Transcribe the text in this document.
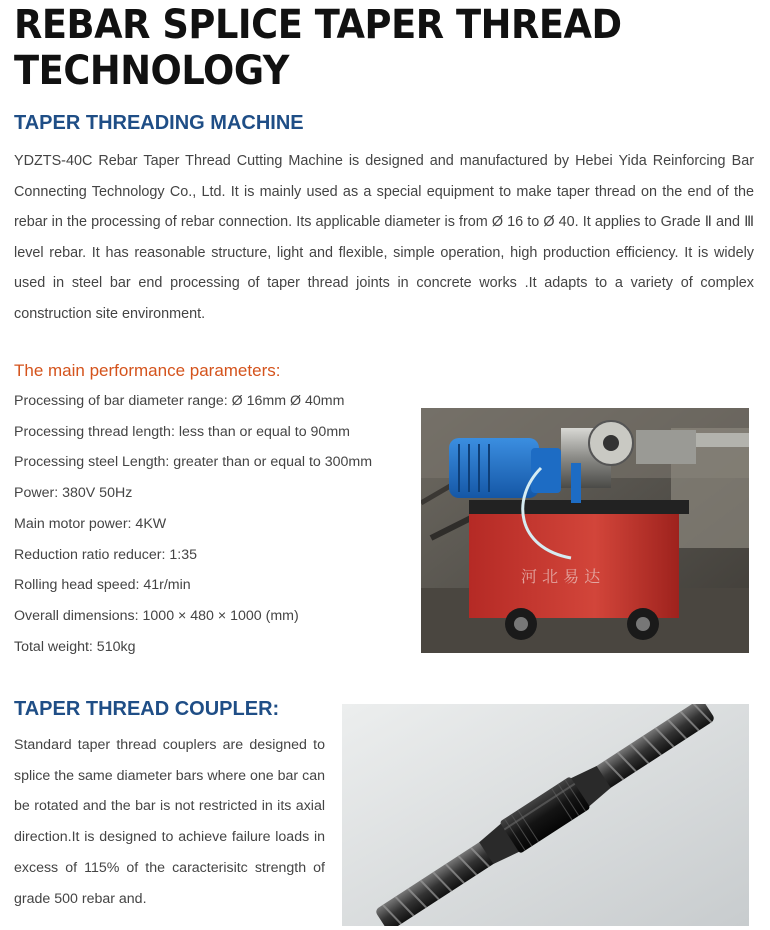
REBAR SPLICE TAPER THREAD
TECHNOLOGY
TAPER THREADING MACHINE

YDZTS-40C Rebar Taper Thread Cutting Machine is designed and manufactured by Hebei Yida Reinforcing Bar Connecting Technology Co., Ltd. It is mainly used as a special equipment to make taper thread on the end of the rebar in the processing of rebar connection. Its applicable diameter is from Ø 16 to Ø 40. It applies to Grade Ⅱ and Ⅲ level rebar. It has reasonable structure, light and flexible, simple operation, high production efficiency. It is widely used in steel bar end processing of taper thread joints in concrete works .It adapts to a variety of complex construction site environment.

The main performance parameters:
Processing of bar diameter range: Ø 16mm Ø 40mm
Processing thread length: less than or equal to 90mm
Processing steel Length: greater than or equal to 300mm
Power: 380V 50Hz
Main motor power: 4KW
Reduction ratio reducer: 1:35
Rolling head speed: 41r/min
Overall dimensions: 1000 × 480 × 1000 (mm)
Total weight: 510kg
河 北 易 达
TAPER THREAD COUPLER:

Standard taper thread couplers are designed to splice the same diameter bars where one bar can be rotated and the bar is not restricted in its axial direction.It is designed to achieve failure loads in excess of 115% of the caracterisitc strength of grade 500 rebar and.
